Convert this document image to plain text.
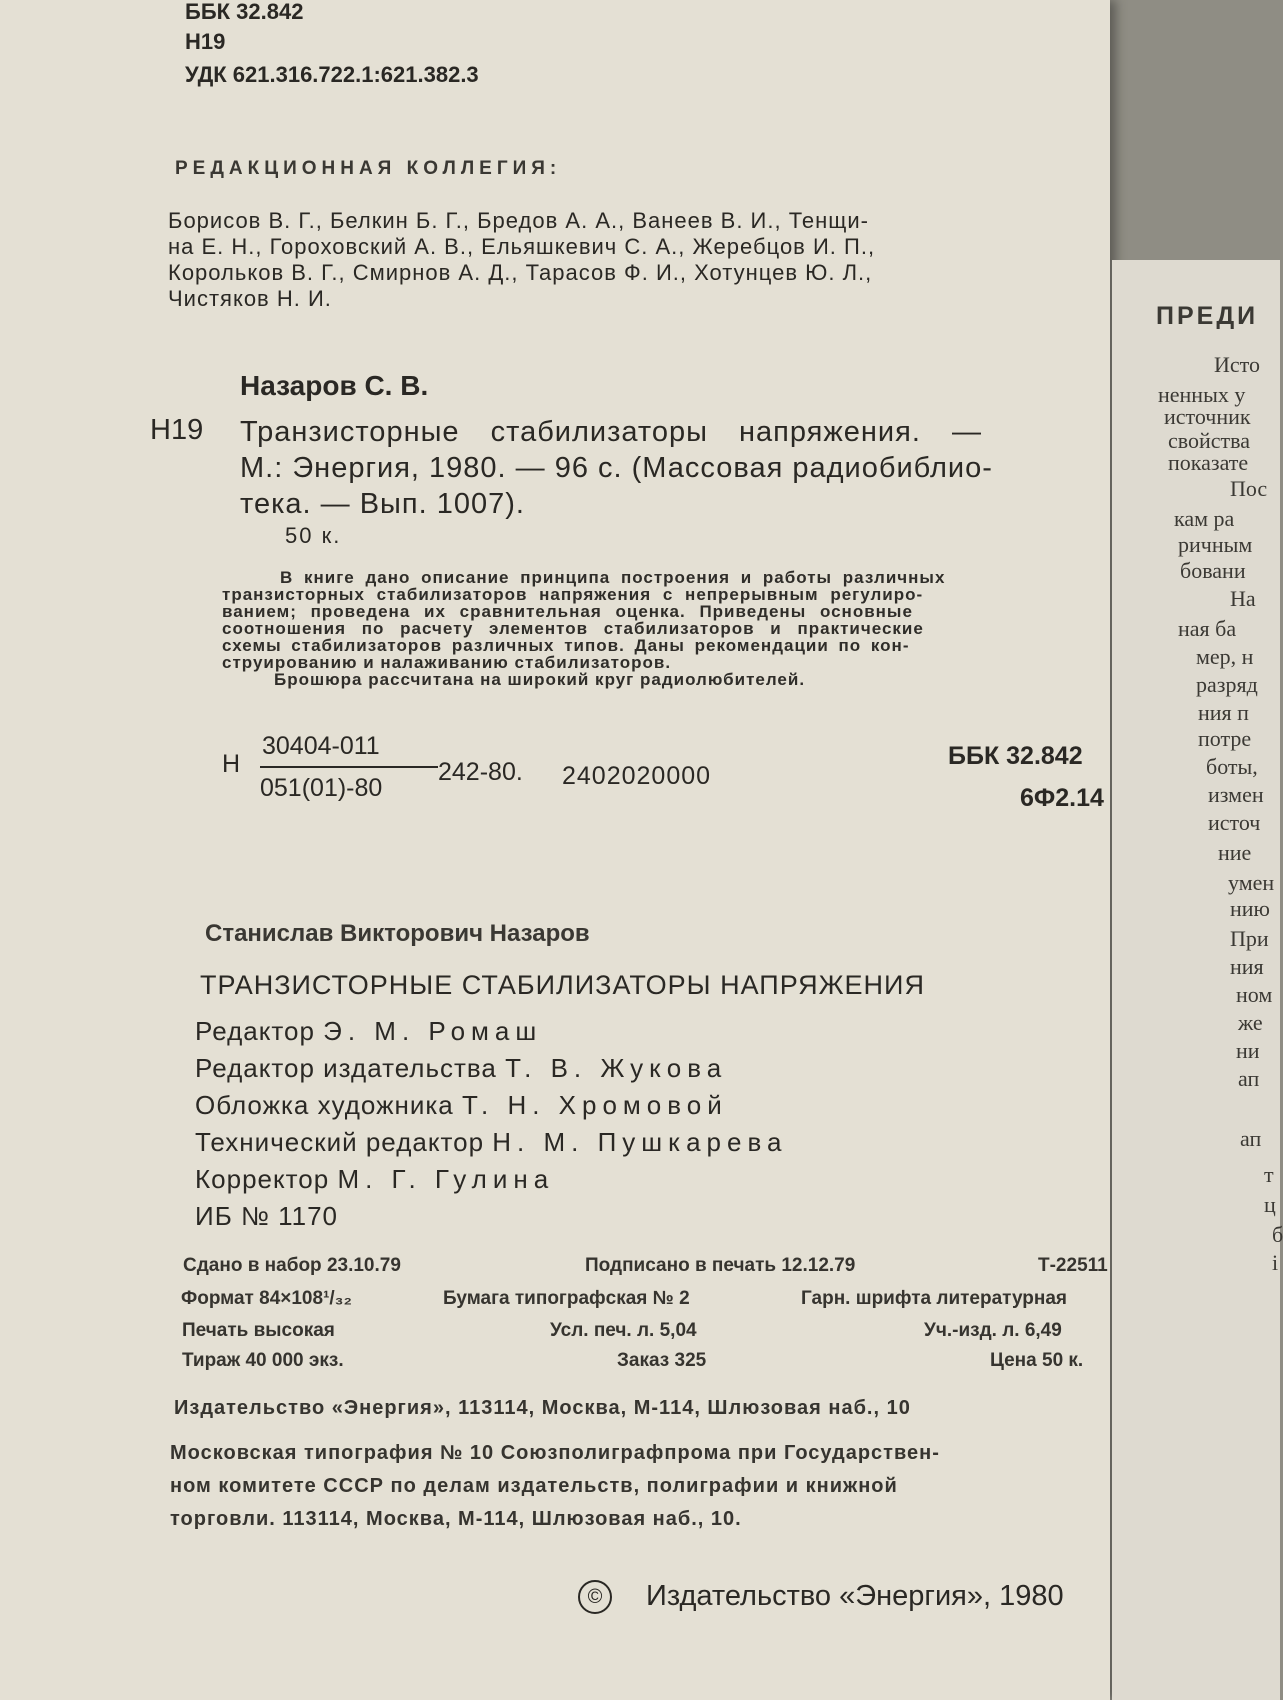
ББК 32.842
Н19
УДК 621.316.722.1:621.382.3
РЕДАКЦИОННАЯ КОЛЛЕГИЯ:
Борисов В. Г., Белкин Б. Г., Бредов А. А., Ванеев В. И., Тенщи-
на Е. Н., Гороховский А. В., Ельяшкевич С. А., Жеребцов И. П.,
Корольков В. Г., Смирнов А. Д., Тарасов Ф. И., Хотунцев Ю. Л.,
Чистяков Н. И.
Назаров С. В.
Н19 Транзисторные стабилизаторы напряжения. —
М.: Энергия, 1980. — 96 с. (Массовая радиобиблио-
тека. — Вып. 1007).
50 к.
В книге дано описание принципа построения и работы различных
транзисторных стабилизаторов напряжения с непрерывным регулиро-
ванием; проведена их сравнительная оценка. Приведены основные
соотношения по расчету элементов стабилизаторов и практические
схемы стабилизаторов различных типов. Даны рекомендации по кон-
струированию и налаживанию стабилизаторов.
Брошюра рассчитана на широкий круг радиолюбителей.
Н
30404-011
051(01)-80
242-80. 2402020000
ББК 32.842
6Ф2.14
Станислав Викторович Назаров
ТРАНЗИСТОРНЫЕ СТАБИЛИЗАТОРЫ НАПРЯЖЕНИЯ
Редактор Э. М. Ромаш
Редактор издательства Т. В. Жукова
Обложка художника Т. Н. Хромовой
Технический редактор Н. М. Пушкарева
Корректор М. Г. Гулина
ИБ № 1170
Сдано в набор 23.10.79	Подписано в печать 12.12.79	Т-22511
Формат 84×108¹/₃₂	Бумага типографская № 2	Гарн. шрифта литературная
Печать высокая	Усл. печ. л. 5,04	Уч.-изд. л. 6,49
Тираж 40 000 экз.	Заказ 325	Цена 50 к.
Издательство «Энергия», 113114, Москва, М-114, Шлюзовая наб., 10
Московская типография № 10 Союзполиграфпрома при Государствен-
ном комитете СССР по делам издательств, полиграфии и книжной
торговли. 113114, Москва, М-114, Шлюзовая наб., 10.
© Издательство «Энергия», 1980
ПРЕДИ
Исто
ненных у
источник
свойства
показате
Пос
кам ра
ричным
бовани
На
ная ба
мер, н
разряд
ния п
потре
боты,
измен
источ
ние
умен
нию
При
ния
ном
же
ни
ап
ап
т
ц
б
i
